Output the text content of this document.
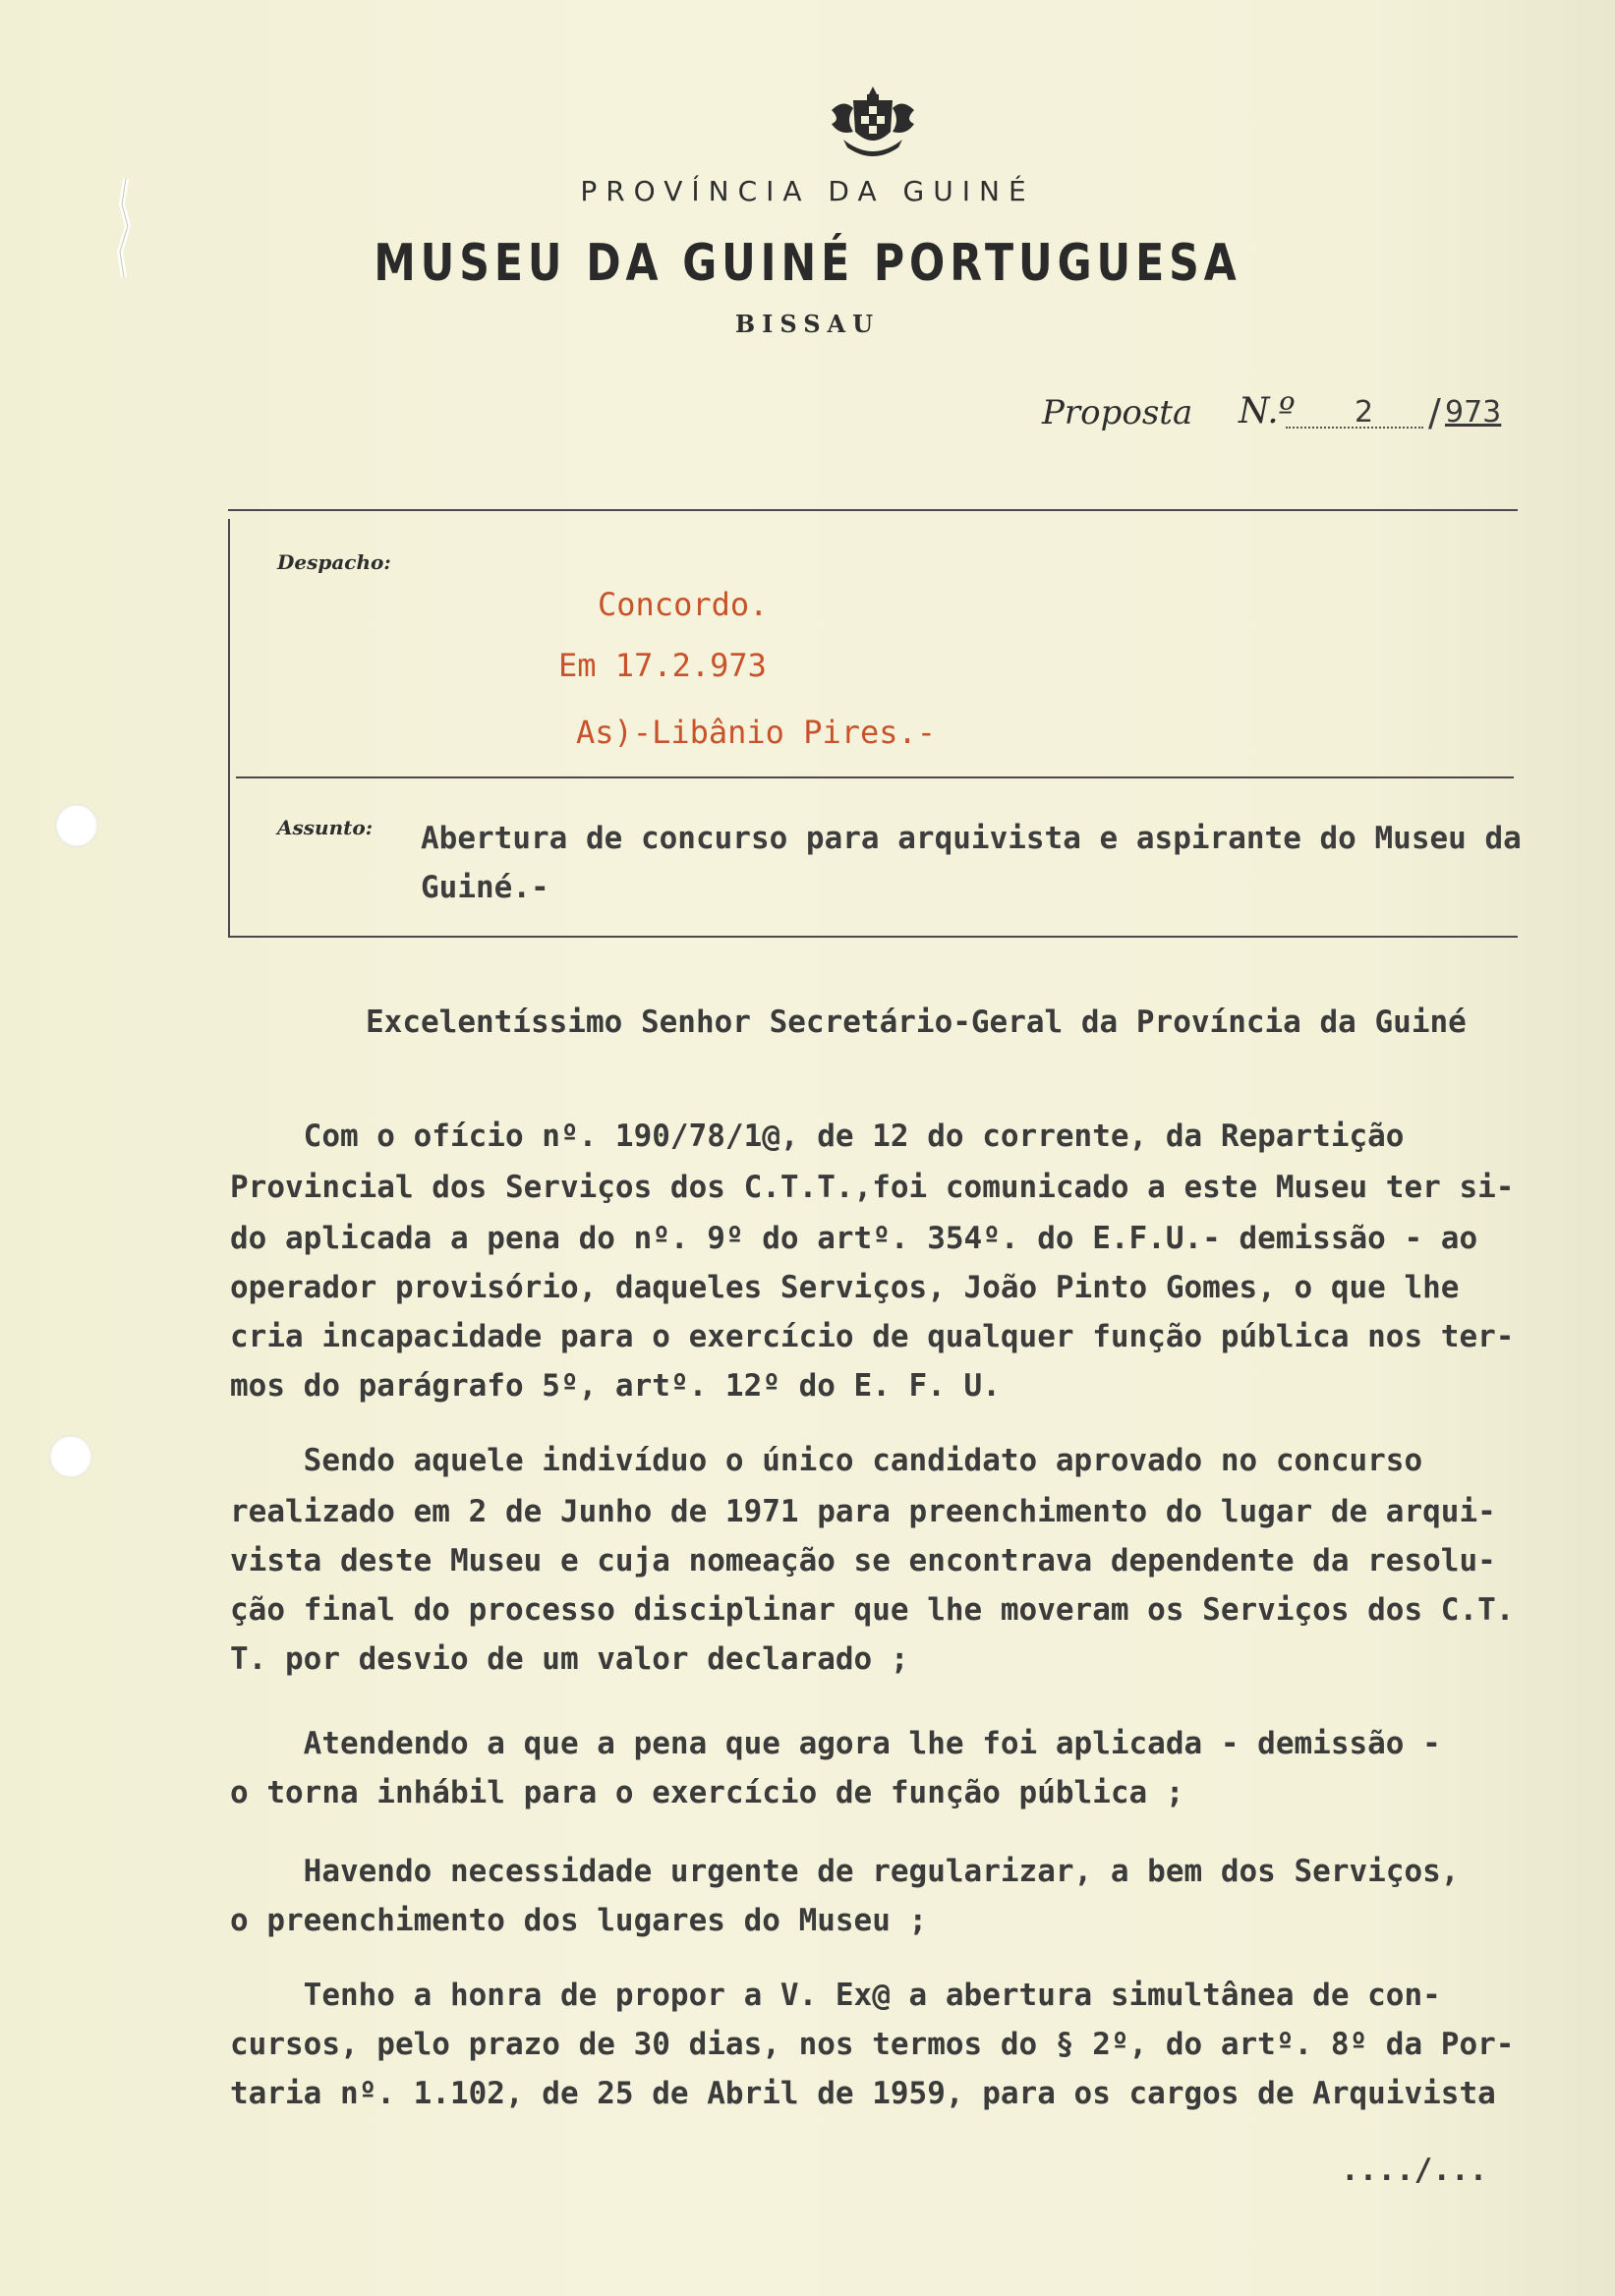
PROVÍNCIA DA GUINÉ
MUSEU DA GUINÉ PORTUGUESA
BISSAU
Proposta N.º 2 / 973
Despacho:
Concordo.
Em 17.2.973
As)-Libânio Pires.-
Assunto: Abertura de concurso para arquivista e aspirante do Museu da Guiné.-
Excelentíssimo Senhor Secretário-Geral da Província da Guiné
Com o ofício nº. 190/78/1@, de 12 do corrente, da Repartição
Provincial dos Serviços dos C.T.T.,foi comunicado a este Museu ter si-
do aplicada a pena do nº. 9º do artº. 354º. do E.F.U.- demissão - ao
operador provisório, daqueles Serviços, João Pinto Gomes, o que lhe
cria incapacidade para o exercício de qualquer função pública nos ter-
mos do parágrafo 5º, artº. 12º do E. F. U.
Sendo aquele indivíduo o único candidato aprovado no concurso
realizado em 2 de Junho de 1971 para preenchimento do lugar de arqui-
vista deste Museu e cuja nomeação se encontrava dependente da resolu-
ção final do processo disciplinar que lhe moveram os Serviços dos C.T.
T. por desvio de um valor declarado ;
Atendendo a que a pena que agora lhe foi aplicada - demissão -
o torna inhábil para o exercício de função pública ;
Havendo necessidade urgente de regularizar, a bem dos Serviços,
o preenchimento dos lugares do Museu ;
Tenho a honra de propor a V. Ex@ a abertura simultânea de con-
cursos, pelo prazo de 30 dias, nos termos do § 2º, do artº. 8º da Por-
taria nº. 1.102, de 25 de Abril de 1959, para os cargos de Arquivista
..../...
